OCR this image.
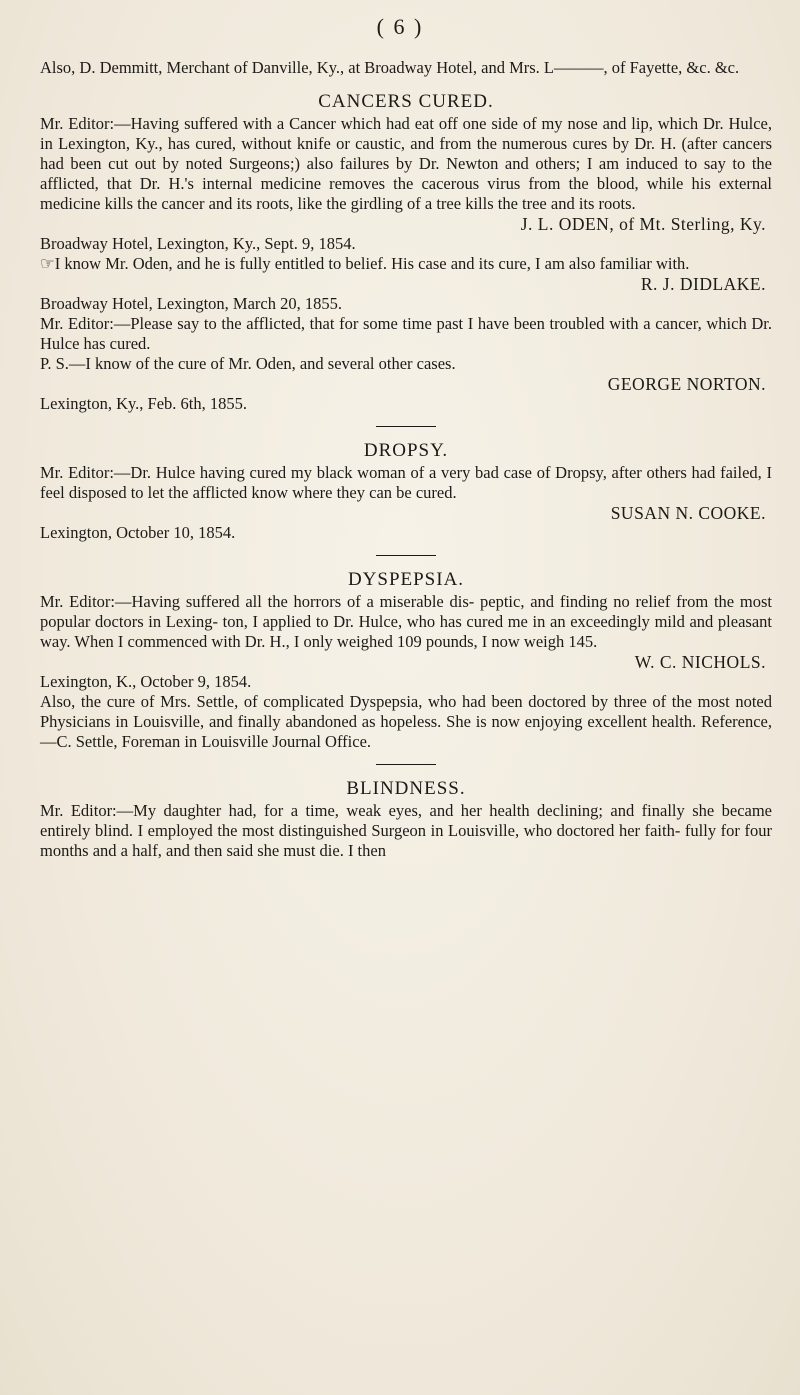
( 6 )

Also, D. Demmitt, Merchant of Danville, Ky., at Broadway Hotel, and Mrs. L———, of Fayette, &c. &c.

CANCERS CURED.

Mr. Editor:—Having suffered with a Cancer which had eat off one side of my nose and lip, which Dr. Hulce, in Lexington, Ky., has cured, without knife or caustic, and from the numerous cures by Dr. H. (after cancers had been cut out by noted Surgeons;) also failures by Dr. Newton and others; I am induced to say to the afflicted, that Dr. H.'s internal medicine removes the cacerous virus from the blood, while his external medicine kills the cancer and its roots, like the girdling of a tree kills the tree and its roots.

J. L. ODEN, of Mt. Sterling, Ky.

Broadway Hotel, Lexington, Ky., Sept. 9, 1854.

☞I know Mr. Oden, and he is fully entitled to belief. His case and its cure, I am also familiar with.

R. J. DIDLAKE.

Broadway Hotel, Lexington, March 20, 1855.

Mr. Editor:—Please say to the afflicted, that for some time past I have been troubled with a cancer, which Dr. Hulce has cured.

P. S.—I know of the cure of Mr. Oden, and several other cases.

GEORGE NORTON.

Lexington, Ky., Feb. 6th, 1855.

DROPSY.

Mr. Editor:—Dr. Hulce having cured my black woman of a very bad case of Dropsy, after others had failed, I feel disposed to let the afflicted know where they can be cured.

SUSAN N. COOKE.

Lexington, October 10, 1854.

DYSPEPSIA.

Mr. Editor:—Having suffered all the horrors of a miserable dis- peptic, and finding no relief from the most popular doctors in Lexing- ton, I applied to Dr. Hulce, who has cured me in an exceedingly mild and pleasant way. When I commenced with Dr. H., I only weighed 109 pounds, I now weigh 145.

W. C. NICHOLS.

Lexington, K., October 9, 1854.

Also, the cure of Mrs. Settle, of complicated Dyspepsia, who had been doctored by three of the most noted Physicians in Louisville, and finally abandoned as hopeless. She is now enjoying excellent health. Reference,—C. Settle, Foreman in Louisville Journal Office.

BLINDNESS.

Mr. Editor:—My daughter had, for a time, weak eyes, and her health declining; and finally she became entirely blind. I employed the most distinguished Surgeon in Louisville, who doctored her faith- fully for four months and a half, and then said she must die. I then
